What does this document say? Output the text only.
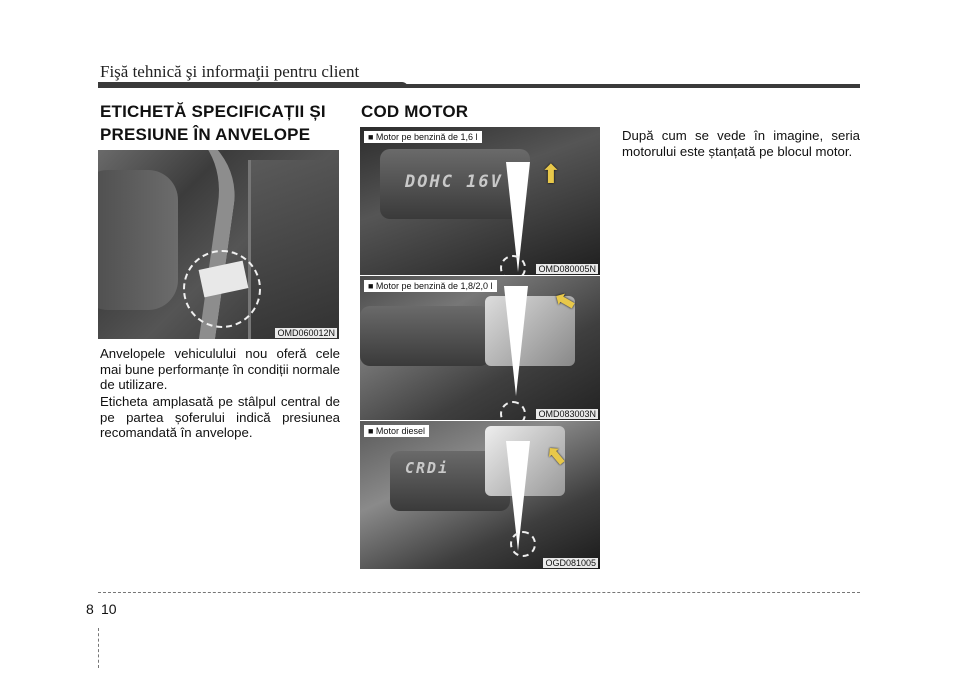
Fişă tehnică şi informaţii pentru client
ETICHETĂ SPECIFICAȚII ȘI PRESIUNE ÎN ANVELOPE
OMD060012N

Anvelopele vehiculului nou oferă cele mai bune performanțe în condiții normale de utilizare.

Eticheta amplasată pe stâlpul central de pe partea șoferului indică presiunea recomandată în anvelope.

COD MOTOR
DOHC 16V ⬆
■ Motor pe benzină de 1,6 l
OMD080005N
⬆
■ Motor pe benzină de 1,8/2,0 l
OMD083003N
CRDi	⬆
■ Motor diesel
OGD081005

După cum se vede în imagine, seria motorului este ștanțată pe blocul motor.

8 10
